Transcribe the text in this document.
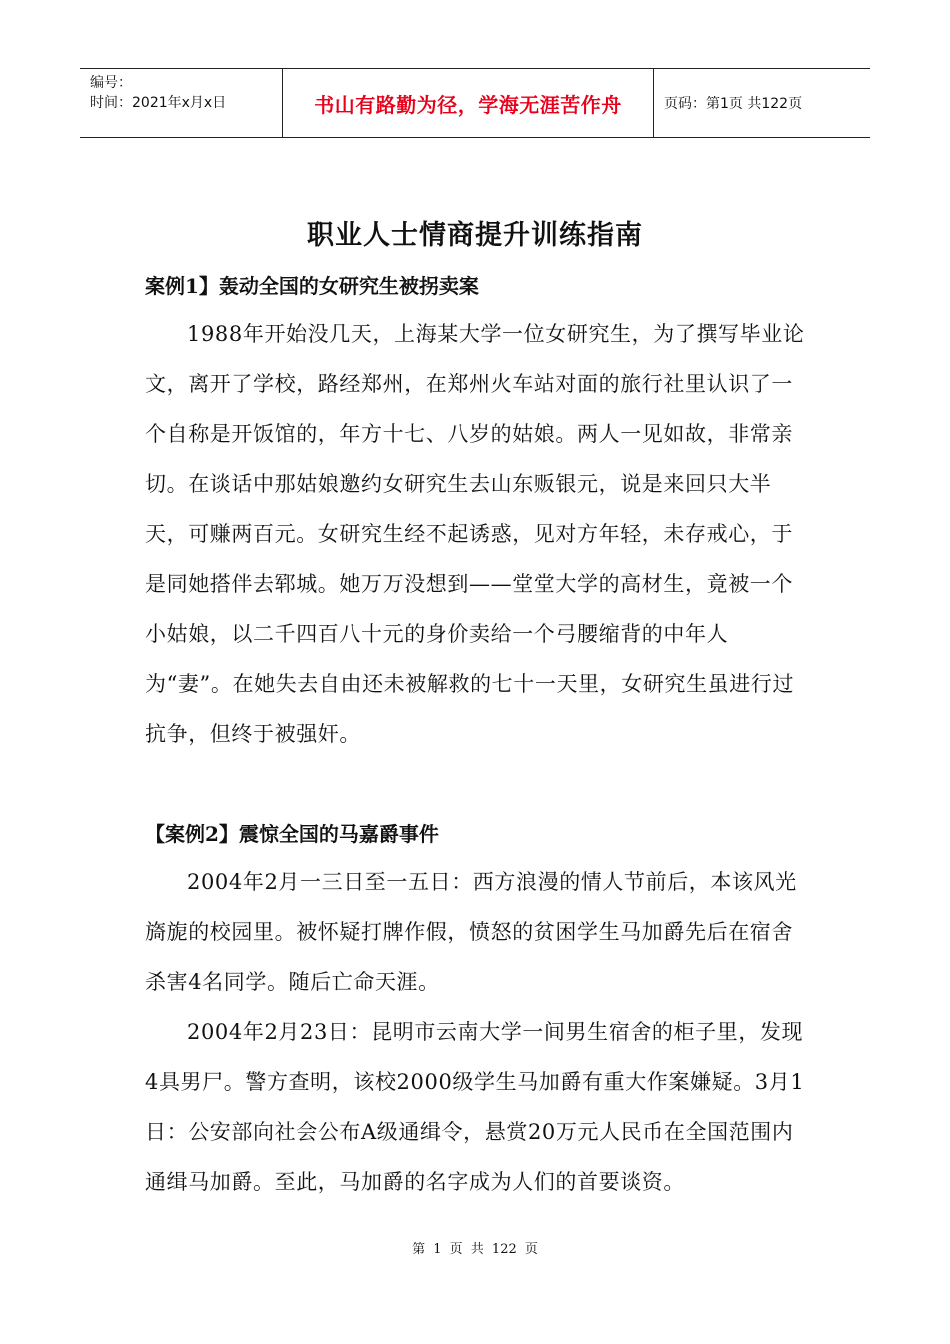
编号：
时间：2021年x月x日	书山有路勤为径，学海无涯苦作舟	页码：第1页 共122页
职业人士情商提升训练指南
案例1】轰动全国的女研究生被拐卖案

1988年开始没几天，上海某大学一位女研究生，为了撰写毕业论文，离开了学校，路经郑州，在郑州火车站对面的旅行社里认识了一个自称是开饭馆的，年方十七、八岁的姑娘。两人一见如故，非常亲切。在谈话中那姑娘邀约女研究生去山东贩银元，说是来回只大半天，可赚两百元。女研究生经不起诱惑，见对方年轻，未存戒心，于是同她搭伴去郓城。她万万没想到——堂堂大学的高材生，竟被一个小姑娘，以二千四百八十元的身价卖给一个弓腰缩背的中年人为“妻”。在她失去自由还未被解救的七十一天里，女研究生虽进行过抗争，但终于被强奸。

【案例2】震惊全国的马嘉爵事件

2004年2月一三日至一五日：西方浪漫的情人节前后，本该风光旖旎的校园里。被怀疑打牌作假，愤怒的贫困学生马加爵先后在宿舍杀害4名同学。随后亡命天涯。

2004年2月23日：昆明市云南大学一间男生宿舍的柜子里，发现4具男尸。警方查明，该校2000级学生马加爵有重大作案嫌疑。3月1日：公安部向社会公布A级通缉令，悬赏20万元人民币在全国范围内通缉马加爵。至此，马加爵的名字成为人们的首要谈资。

第 1 页 共 122 页
